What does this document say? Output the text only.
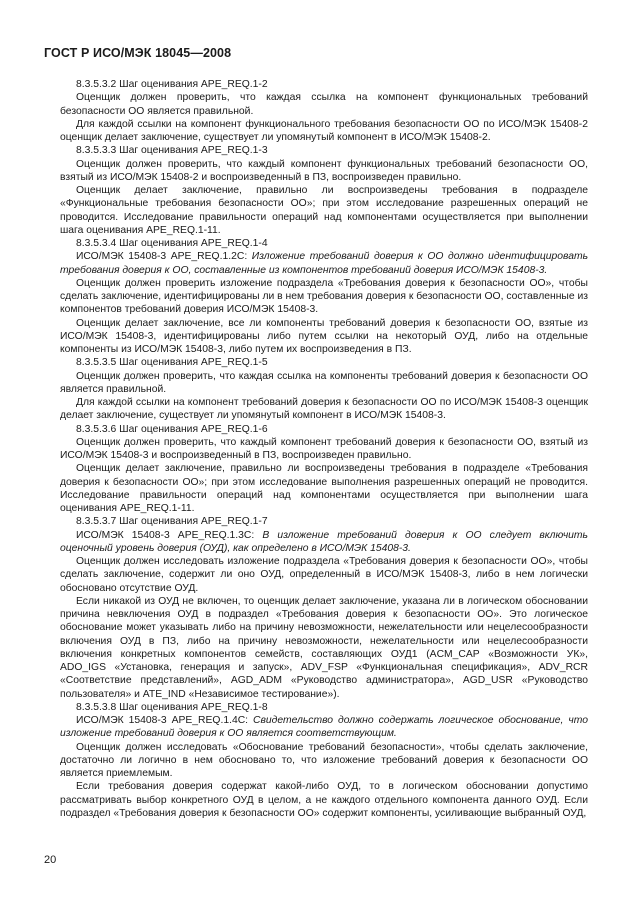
ГОСТ Р ИСО/МЭК 18045—2008

8.3.5.3.2 Шаг оценивания APE_REQ.1-2

Оценщик должен проверить, что каждая ссылка на компонент функциональных требований безопасности ОО является правильной.

Для каждой ссылки на компонент функционального требования безопасности ОО по ИСО/МЭК 15408-2 оценщик делает заключение, существует ли упомянутый компонент в ИСО/МЭК 15408-2.

8.3.5.3.3 Шаг оценивания APE_REQ.1-3

Оценщик должен проверить, что каждый компонент функциональных требований безопасности ОО, взятый из ИСО/МЭК 15408-2 и воспроизведенный в ПЗ, воспроизведен правильно.

Оценщик делает заключение, правильно ли воспроизведены требования в подразделе «Функциональные требования безопасности ОО»; при этом исследование разрешенных операций не проводится. Исследование правильности операций над компонентами осуществляется при выполнении шага оценивания APE_REQ.1-11.

8.3.5.3.4 Шаг оценивания APE_REQ.1-4

ИСО/МЭК 15408-3 APE_REQ.1.2C: Изложение требований доверия к ОО должно идентифицировать требования доверия к ОО, составленные из компонентов требований доверия ИСО/МЭК 15408-3.

Оценщик должен проверить изложение подраздела «Требования доверия к безопасности ОО», чтобы сделать заключение, идентифицированы ли в нем требования доверия к безопасности ОО, составленные из компонентов требований доверия ИСО/МЭК 15408-3.

Оценщик делает заключение, все ли компоненты требований доверия к безопасности ОО, взятые из ИСО/МЭК 15408-3, идентифицированы либо путем ссылки на некоторый ОУД, либо на отдельные компоненты из ИСО/МЭК 15408-3, либо путем их воспроизведения в ПЗ.

8.3.5.3.5 Шаг оценивания APE_REQ.1-5

Оценщик должен проверить, что каждая ссылка на компоненты требований доверия к безопасности ОО является правильной.

Для каждой ссылки на компонент требований доверия к безопасности ОО по ИСО/МЭК 15408-3 оценщик делает заключение, существует ли упомянутый компонент в ИСО/МЭК 15408-3.

8.3.5.3.6 Шаг оценивания APE_REQ.1-6

Оценщик должен проверить, что каждый компонент требований доверия к безопасности ОО, взятый из ИСО/МЭК 15408-3 и воспроизведенный в ПЗ, воспроизведен правильно.

Оценщик делает заключение, правильно ли воспроизведены требования в подразделе «Требования доверия к безопасности ОО»; при этом исследование выполнения разрешенных операций не проводится. Исследование правильности операций над компонентами осуществляется при выполнении шага оценивания APE_REQ.1-11.

8.3.5.3.7 Шаг оценивания APE_REQ.1-7

ИСО/МЭК 15408-3 APE_REQ.1.3C: В изложение требований доверия к ОО следует включить оценочный уровень доверия (ОУД), как определено в ИСО/МЭК 15408-3.

Оценщик должен исследовать изложение подраздела «Требования доверия к безопасности ОО», чтобы сделать заключение, содержит ли оно ОУД, определенный в ИСО/МЭК 15408-3, либо в нем логически обосновано отсутствие ОУД.

Если никакой из ОУД не включен, то оценщик делает заключение, указана ли в логическом обосновании причина невключения ОУД в подраздел «Требования доверия к безопасности ОО». Это логическое обоснование может указывать либо на причину невозможности, нежелательности или нецелесообразности включения ОУД в ПЗ, либо на причину невозможности, нежелательности или нецелесообразности включения конкретных компонентов семейств, составляющих ОУД1 (ACM_CAP «Возможности УК», ADO_IGS «Установка, генерация и запуск», ADV_FSP «Функциональная спецификация», ADV_RCR «Соответствие представлений», AGD_ADM «Руководство администратора», AGD_USR «Руководство пользователя» и ATE_IND «Независимое тестирование»).

8.3.5.3.8 Шаг оценивания APE_REQ.1-8

ИСО/МЭК 15408-3 APE_REQ.1.4C: Свидетельство должно содержать логическое обоснование, что изложение требований доверия к ОО является соответствующим.

Оценщик должен исследовать «Обоснование требований безопасности», чтобы сделать заключение, достаточно ли логично в нем обосновано то, что изложение требований доверия к безопасности ОО является приемлемым.

Если требования доверия содержат какой-либо ОУД, то в логическом обосновании допустимо рассматривать выбор конкретного ОУД в целом, а не каждого отдельного компонента данного ОУД. Если подраздел «Требования доверия к безопасности ОО» содержит компоненты, усиливающие выбранный ОУД,

20
